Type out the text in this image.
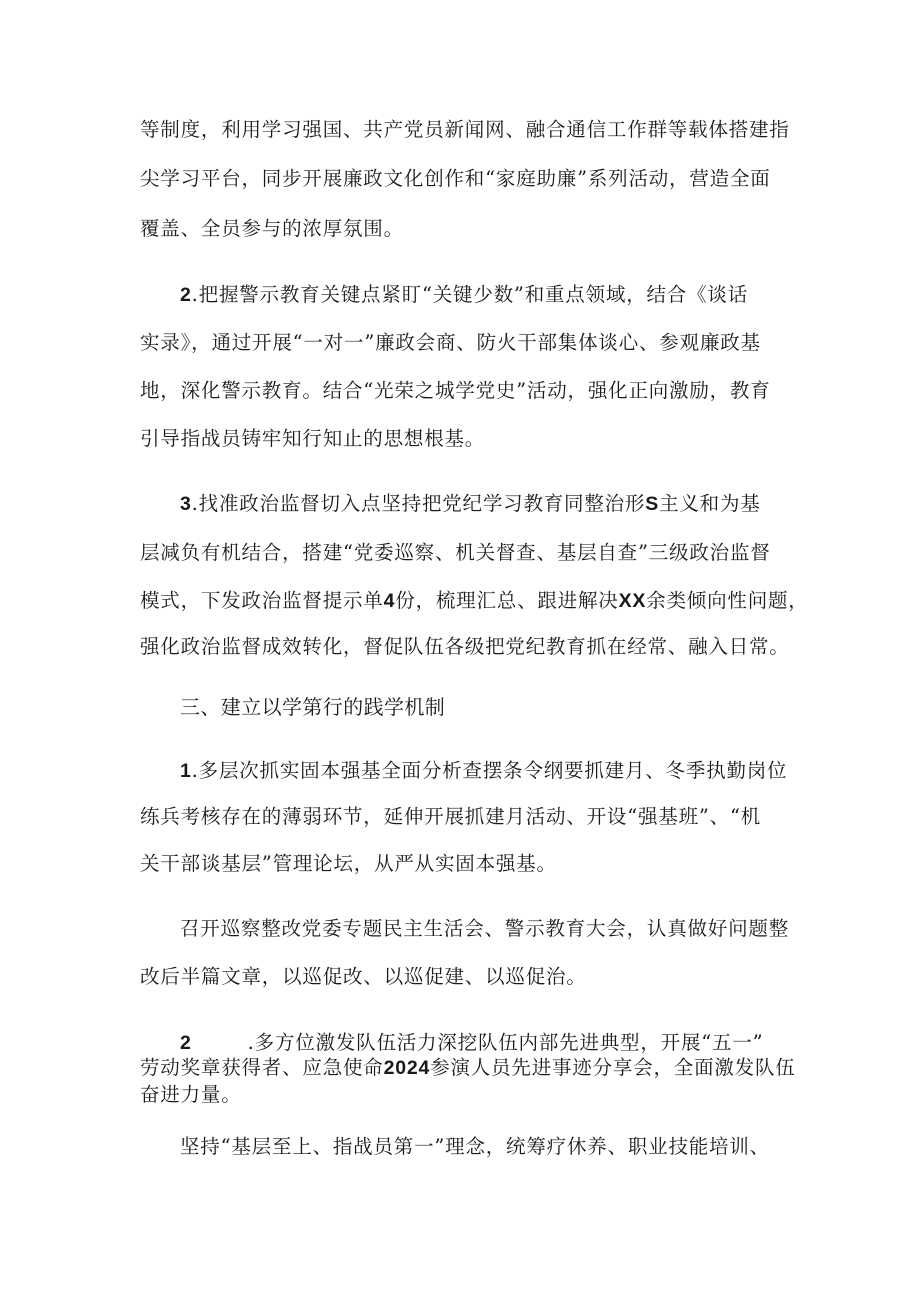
等制度，利用学习强国、共产党员新闻网、融合通信工作群等载体搭建指
尖学习平台，同步开展廉政文化创作和“家庭助廉”系列活动，营造全面
覆盖、全员参与的浓厚氛围。
2.把握警示教育关键点紧盯“关键少数”和重点领域，结合《谈话
实录》，通过开展“一对一”廉政会商、防火干部集体谈心、参观廉政基
地，深化警示教育。结合“光荣之城学党史”活动，强化正向激励，教育
引导指战员铸牢知行知止的思想根基。
3.找准政治监督切入点坚持把党纪学习教育同整治形S主义和为基
层减负有机结合，搭建“党委巡察、机关督查、基层自查”三级政治监督
模式，下发政治监督提示单4份，梳理汇总、跟进解决XX余类倾向性问题，
强化政治监督成效转化，督促队伍各级把党纪教育抓在经常、融入日常。
三、建立以学第行的践学机制
1.多层次抓实固本强基全面分析查摆条令纲要抓建月、冬季执勤岗位
练兵考核存在的薄弱环节，延伸开展抓建月活动、开设“强基班”、“机
关干部谈基层”管理论坛，从严从实固本强基。
召开巡察整改党委专题民主生活会、警示教育大会，认真做好问题整
改后半篇文章，以巡促改、以巡促建、以巡促治。
2	.多方位激发队伍活力深挖队伍内部先进典型，开展“五一”
劳动奖章获得者、应急使命2024参演人员先进事迹分享会，全面激发队伍
奋进力量。
坚持“基层至上、指战员第一”理念，统筹疗休养、职业技能培训、
